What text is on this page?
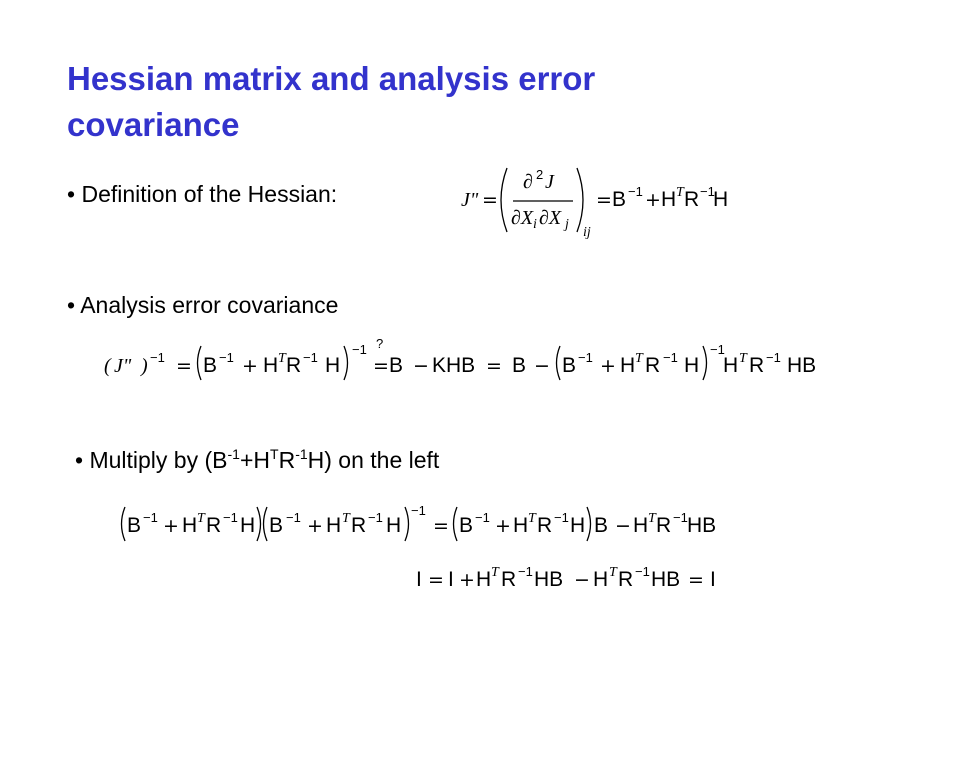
Hessian matrix and analysis error
covariance
• Definition of the Hessian:	J" =
∂ 2 J
∂X i ∂X j
ij
= B −1 + H T R −1
H
• Analysis error covariance
( J" ) −1 = B −1 + H T R −1 H
−1 ?
= B − KHB = B − B −1 + H T R −1 H
−1
H T R −1 HB
• Multiply by $(B^{-1}+H^TR^{-1}H)$ on the left
B −1 + H T R −1 H B −1 + H T R −1 H
−1
= B −1 + H T R −1 H B − H T R −1 HB
I = I + H T R −1 HB − H T R −1 HB = I
